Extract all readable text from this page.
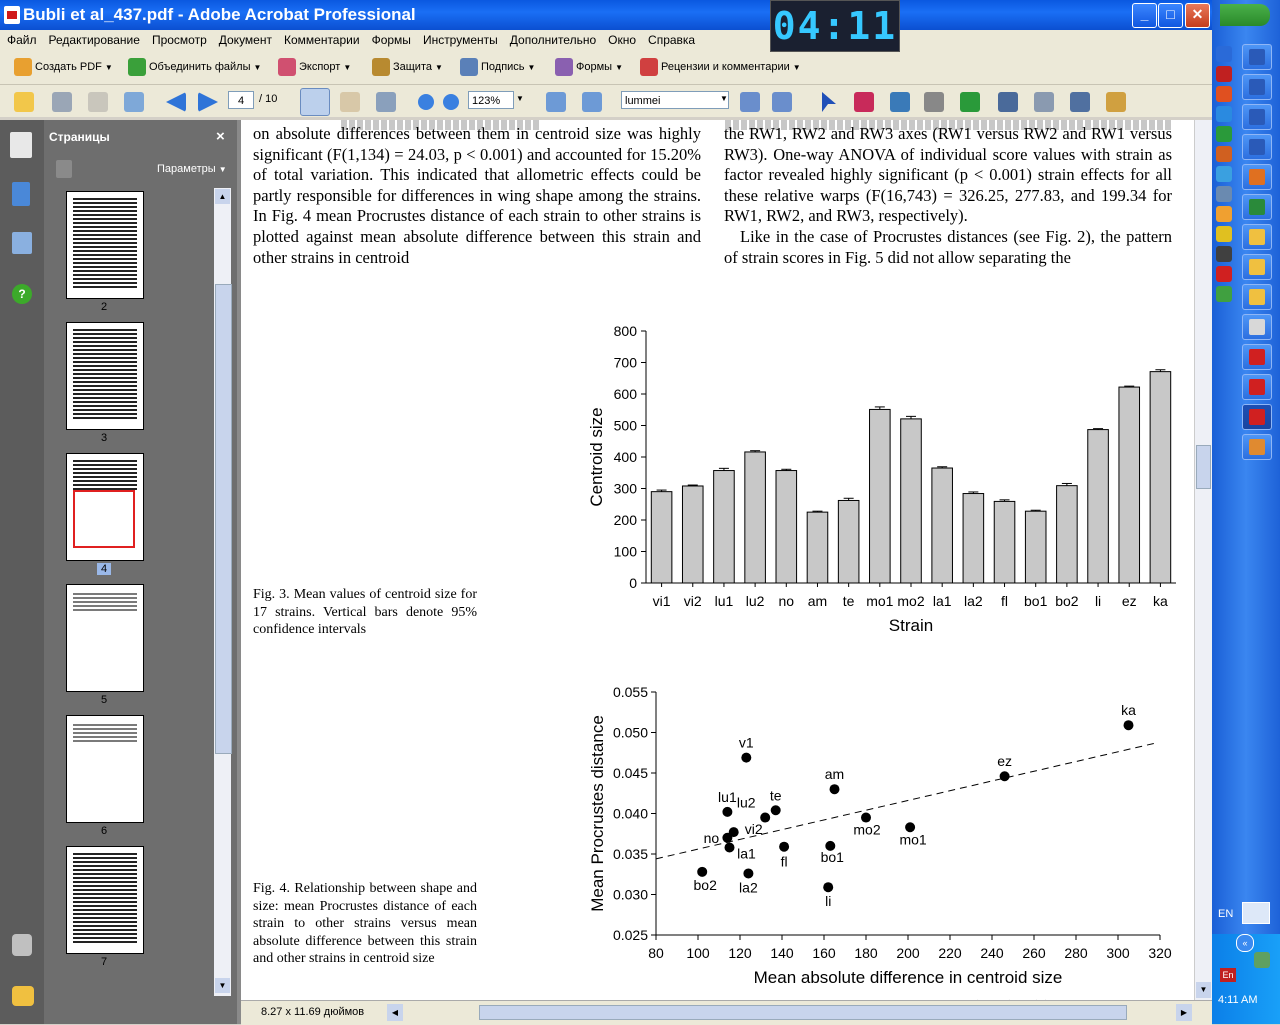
Bubli et al_437.pdf - Adobe Acrobat Professional	_	□	✕
Файл Редактирование Просмотр Документ Комментарии Формы Инструменты Дополнительно Окно Справка
Создать PDF ▼	Объединить файлы ▼	Экспорт ▼	Защита ▼	Подпись ▼	Формы ▼	Рецензии и комментарии ▼
4	/ 10	123%	▼	lummei	▼
04:11
?
Страницы	×
Параметры ▼
2
3
4
5
6
7
▲
▼
on absolute differences between them in centroid size was highly significant (F(1,134) = 24.03, p < 0.001) and accounted for 15.20% of total variation. This indicated that allometric effects could be partly responsible for differences in wing shape among the strains. In Fig. 4 mean Procrustes distance of each strain to other strains is plotted against mean absolute difference between this strain and other strains in centroid
the RW1, RW2 and RW3 axes (RW1 versus RW2 and RW1 versus RW3). One-way ANOVA of individual score values with strain as factor revealed highly significant (p < 0.001) strain effects for all these relative warps (F(16,743) = 326.25, 277.83, and 199.34 for RW1, RW2, and RW3, respectively).
Like in the case of Procrustes distances (see Fig. 2), the pattern of strain scores in Fig. 5 did not allow separating the
Fig. 3. Mean values of centroid size for 17 strains. Vertical bars denote 95% confidence intervals
Fig. 4. Relationship between shape and size: mean Procrustes distance of each strain to other strains versus mean absolute difference between this strain and other strains in centroid size
0
100
200
300
400
500
600
700
800
vi1 vi2 lu1 lu2 no am te mo1 mo2 la1 la2 fl bo1 bo2 li ez ka
Strain
Centroid size
0.025
0.030
0.035
0.040
0.045
0.050
0.055
80 100 120 140 160 180 200 220 240 260 280 300 320
ka
ez
v1
am
te
lu2
lu1
mo2
mo1
vi2
no
la1
fl bo1
bo2 la2
li
Mean absolute difference in centroid size
Mean Procrustes distance
▼
8.27 x 11.69 дюймов	◀	▶
EN
«
En
4:11 AM
